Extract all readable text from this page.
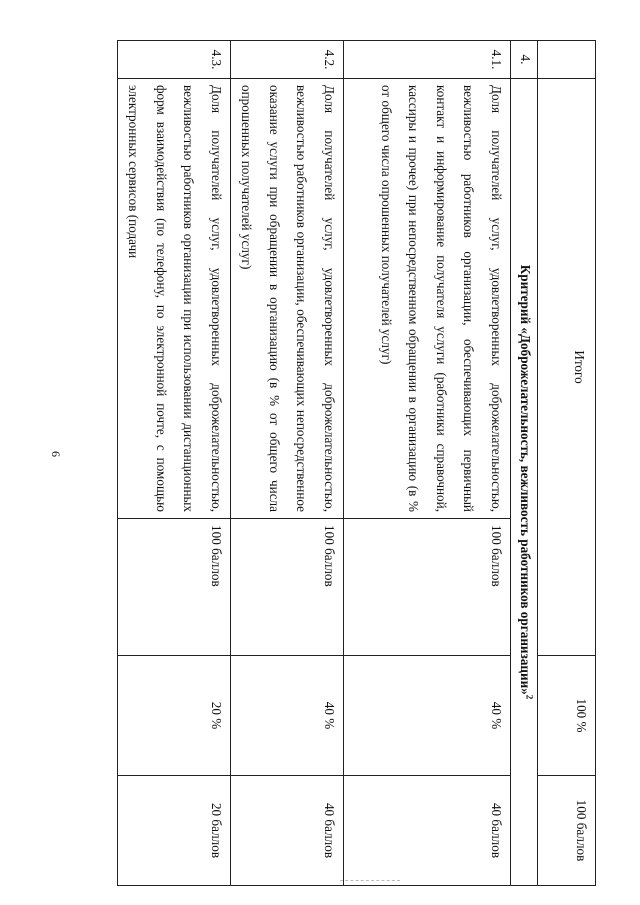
6
	Итого		100 %	100 баллов
4.	Критерий «Доброжелательность, вежливость работников организации»$^2$
4.1.	Доля получателей услуг, удовлетворенных доброжелательностью, вежливостью работников организации, обеспечивающих первичный контакт и информирование получателя услуги (работники справочной, кассиры и прочее) при непосредственном обращении в организацию (в % от общего числа опрошенных получателей услуг)	100 баллов	40 %	40 баллов
4.2.	Доля получателей услуг, удовлетворенных доброжелательностью, вежливостью работников организации, обеспечивающих непосредственное оказание услуги при обращении в организацию (в % от общего числа опрошенных получателей услуг)	100 баллов	40 %	40 баллов
4.3.	Доля получателей услуг, удовлетворенных доброжелательностью, вежливостью работников организации при использовании дистанционных форм взаимодействия (по телефону, по электронной почте, с помощью электронных сервисов (подачи	100 баллов	20 %	20 баллов
